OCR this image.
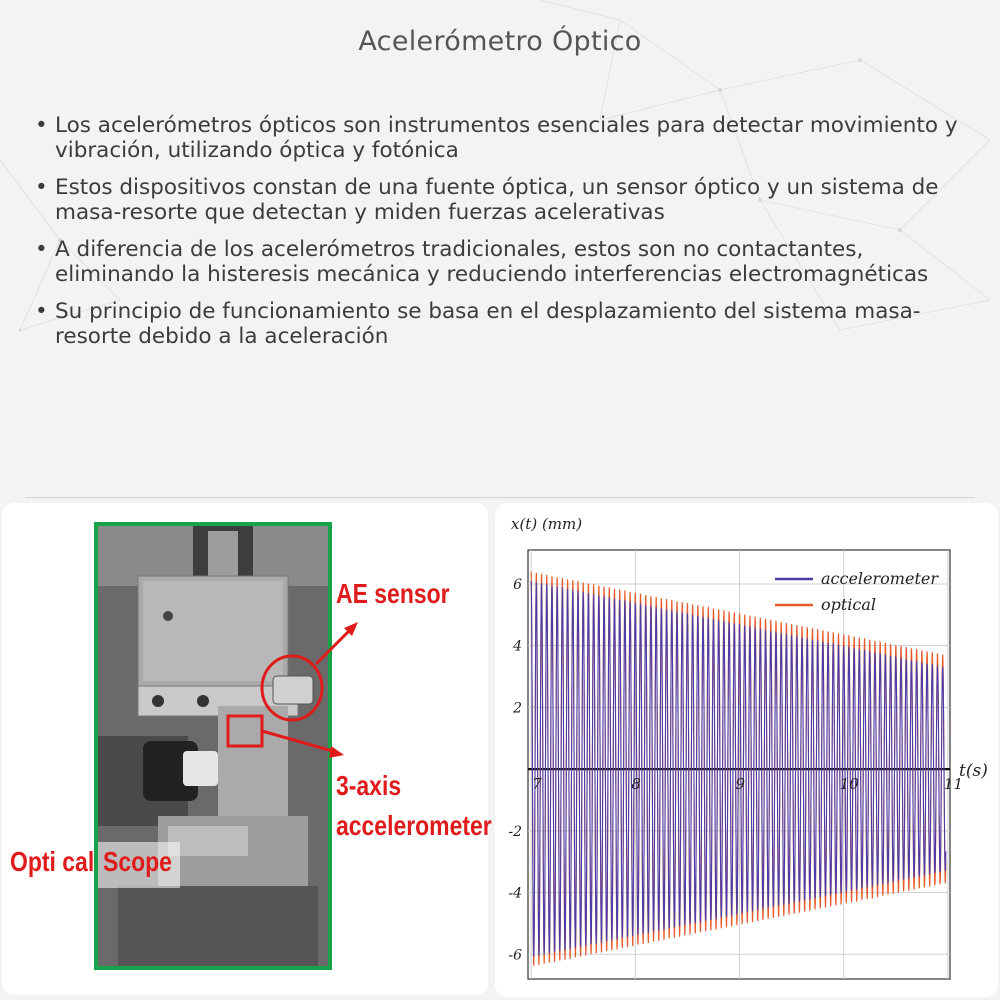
Acelerómetro Óptico
• Los acelerómetros ópticos son instrumentos esenciales para detectar movimiento y vibración, utilizando óptica y fotónica
• Estos dispositivos constan de una fuente óptica, un sensor óptico y un sistema de masa-resorte que detectan y miden fuerzas acelerativas
• A diferencia de los acelerómetros tradicionales, estos son no contactantes, eliminando la histeresis mecánica y reduciendo interferencias electromagnéticas
• Su principio de funcionamiento se basa en el desplazamiento del sistema masa-resorte debido a la aceleración
AE sensor
3-axis
accelerometer
Opti cal Scope
x(t) (mm)
t(s)
7	8	9	10	11
6
4
2
-2
-4
-6
accelerometer
optical
